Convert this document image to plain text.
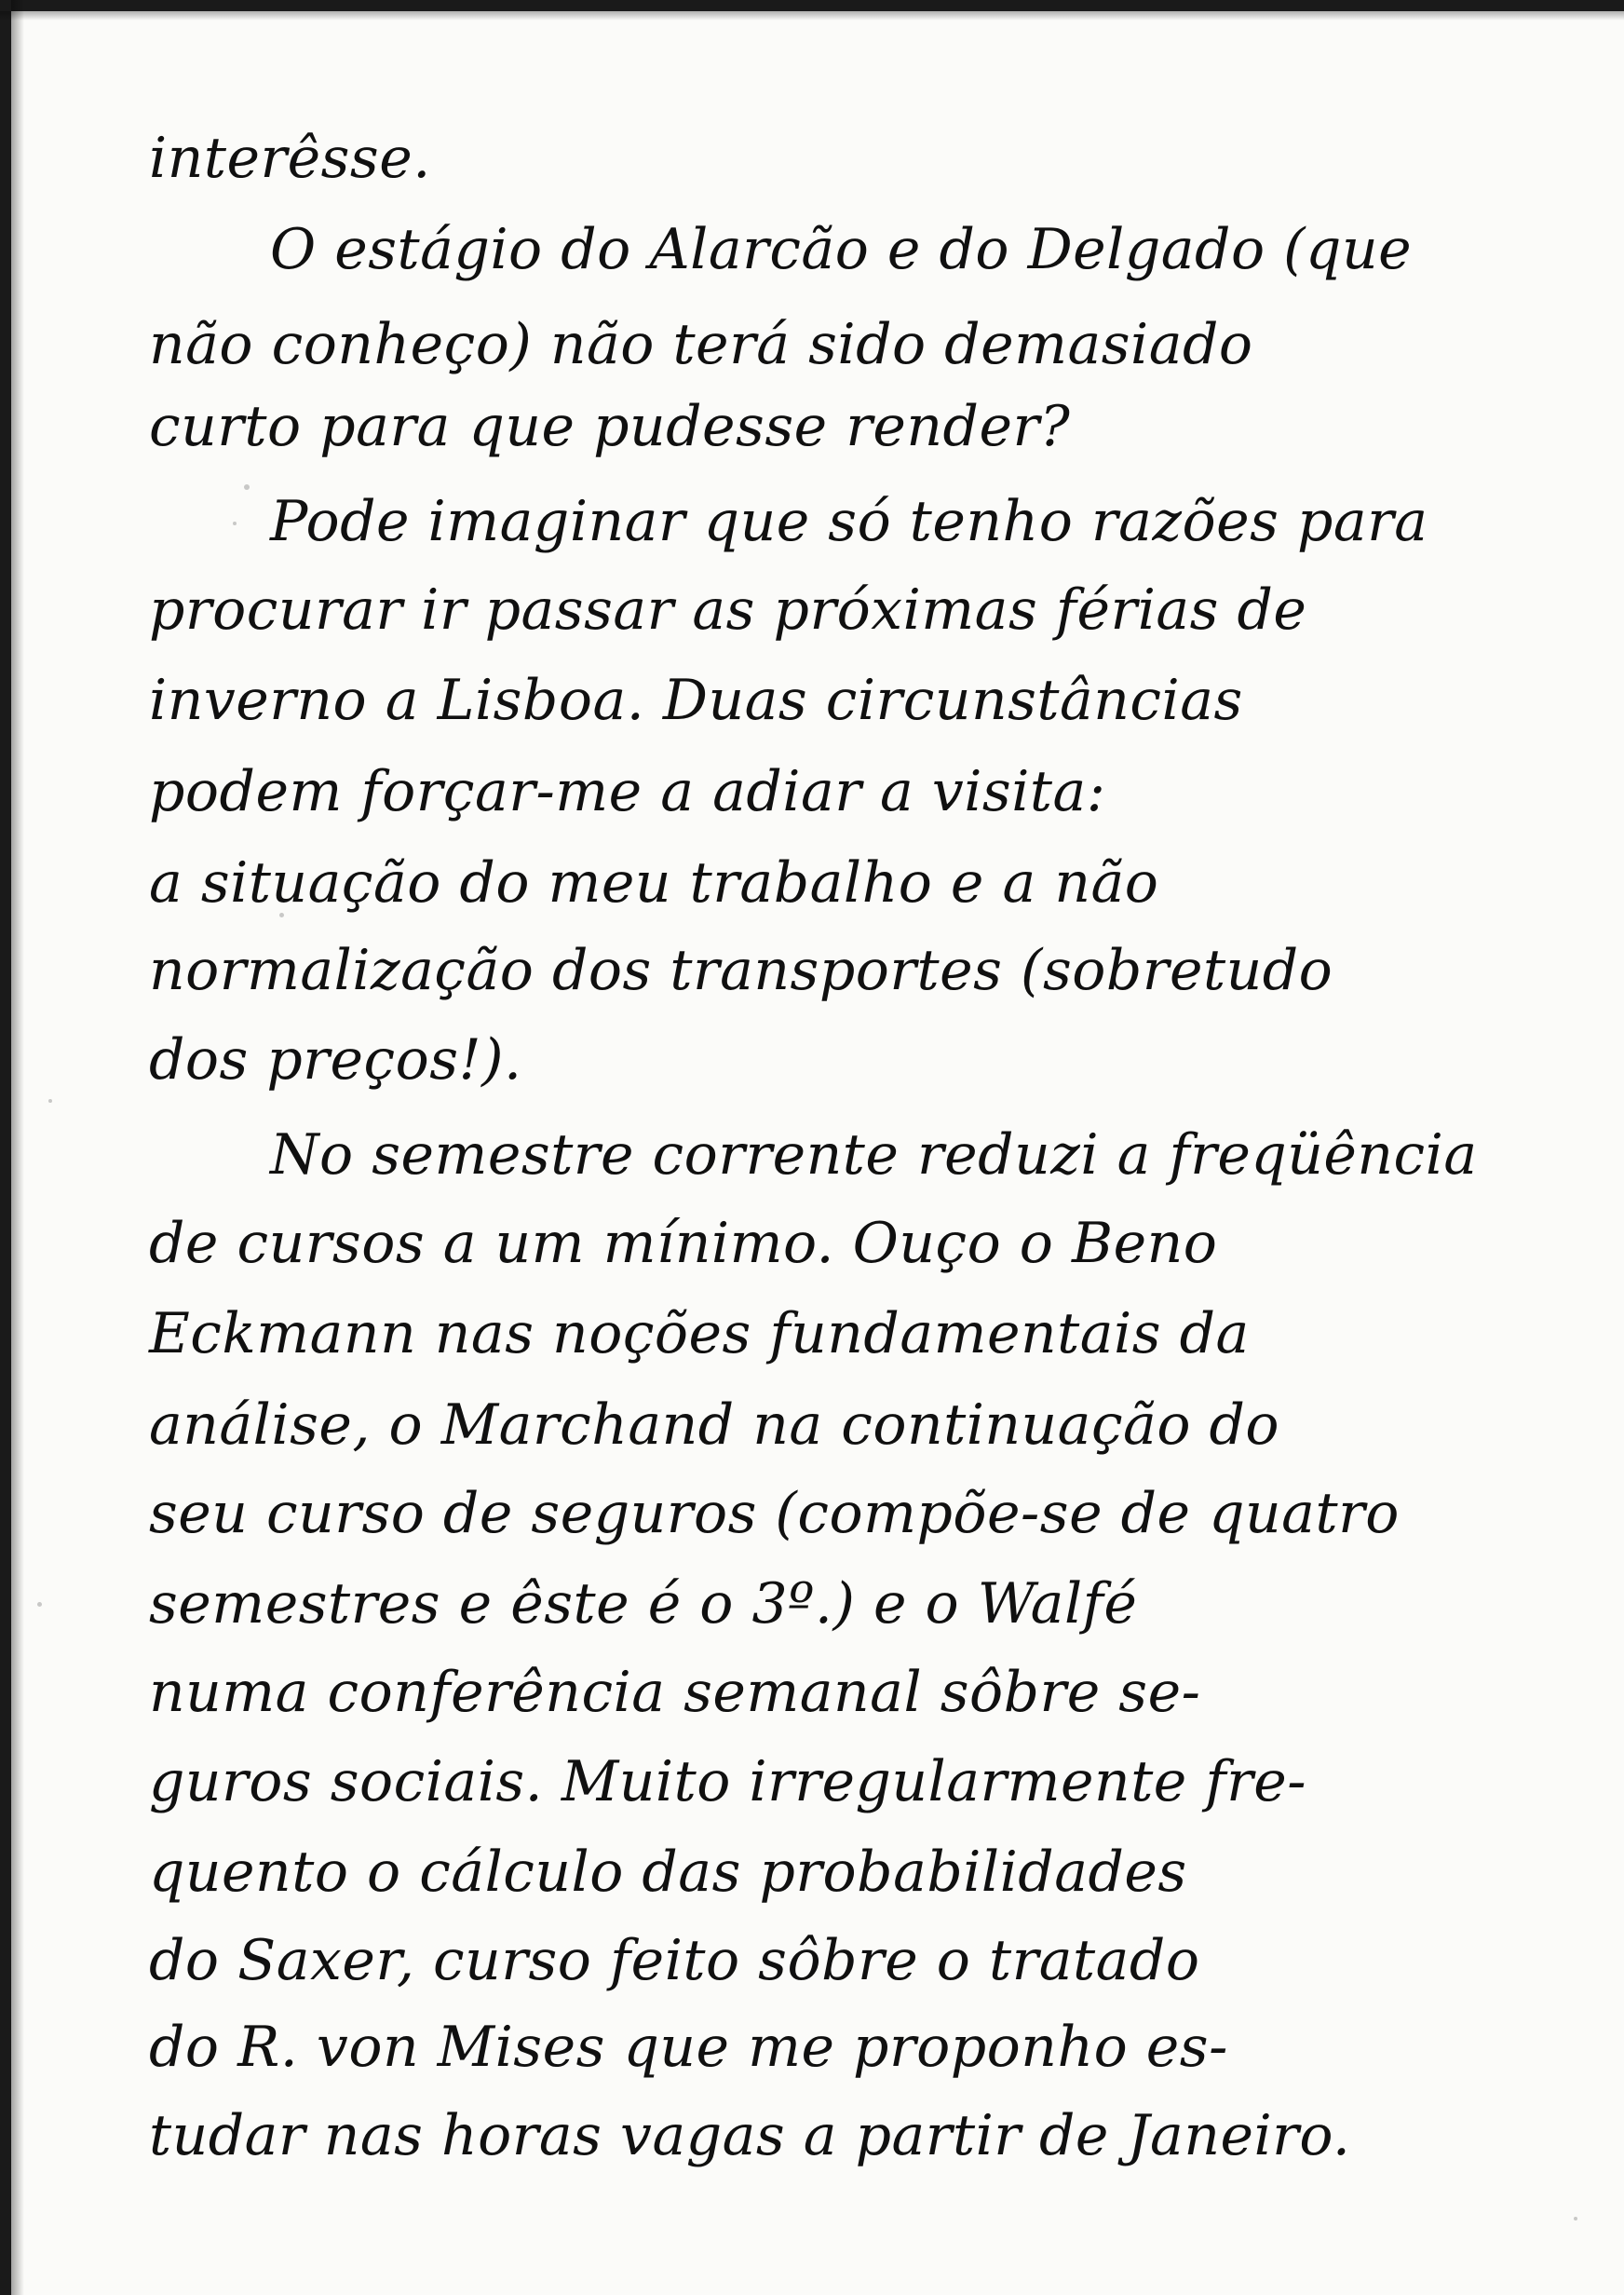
interêsse.

O estágio do Alarcão e do Delgado (que

não conheço) não terá sido demasiado

curto para que pudesse render?

Pode imaginar que só tenho razões para

procurar ir passar as próximas férias de

inverno a Lisboa. Duas circunstâncias

podem forçar-me a adiar a visita:

a situação do meu trabalho e a não

normalização dos transportes (sobretudo

dos preços!).

No semestre corrente reduzi a freqüência

de cursos a um mínimo. Ouço o Beno

Eckmann nas noções fundamentais da

análise, o Marchand na continuação do

seu curso de seguros (compõe-se de quatro

semestres e êste é o 3º.) e o Walfé

numa conferência semanal sôbre se-

guros sociais. Muito irregularmente fre-

quento o cálculo das probabilidades

do Saxer, curso feito sôbre o tratado

do R. von Mises que me proponho es-

tudar nas horas vagas a partir de Janeiro.
